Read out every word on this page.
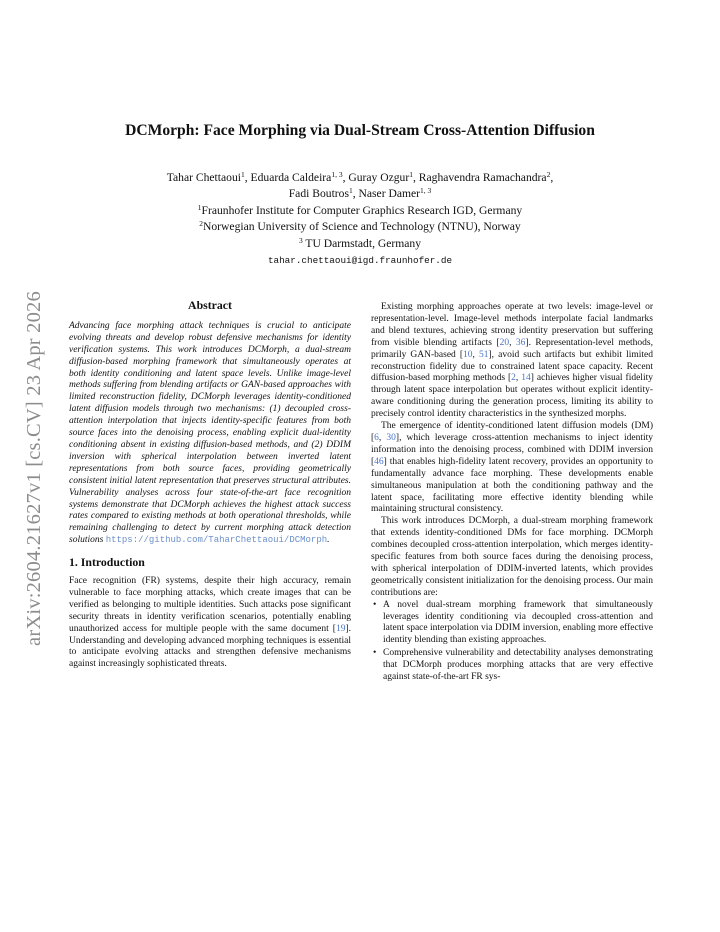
arXiv:2604.21627v1 [cs.CV] 23 Apr 2026
DCMorph: Face Morphing via Dual-Stream Cross-Attention Diffusion
Tahar Chettaoui$^1$, Eduarda Caldeira$^{1, 3}$, Guray Ozgur$^1$, Raghavendra Ramachandra$^2$,
Fadi Boutros$^1$, Naser Damer$^{1, 3}$
$^1$Fraunhofer Institute for Computer Graphics Research IGD, Germany
$^2$Norwegian University of Science and Technology (NTNU), Norway
$^3$ TU Darmstadt, Germany
tahar.chettaoui@igd.fraunhofer.de
Abstract

Advancing face morphing attack techniques is crucial to anticipate evolving threats and develop robust defensive mechanisms for identity verification systems. This work introduces DCMorph, a dual-stream diffusion-based morphing framework that simultaneously operates at both identity conditioning and latent space levels. Unlike image-level methods suffering from blending artifacts or GAN-based approaches with limited reconstruction fidelity, DCMorph leverages identity-conditioned latent diffusion models through two mechanisms: (1) decoupled cross-attention interpolation that injects identity-specific features from both source faces into the denoising process, enabling explicit dual-identity conditioning absent in existing diffusion-based methods, and (2) DDIM inversion with spherical interpolation between inverted latent representations from both source faces, providing geometrically consistent initial latent representation that preserves structural attributes. Vulnerability analyses across four state-of-the-art face recognition systems demonstrate that DCMorph achieves the highest attack success rates compared to existing methods at both operational thresholds, while remaining challenging to detect by current morphing attack detection solutions https://github.com/TaharChettaoui/DCMorph.

1. Introduction

Face recognition (FR) systems, despite their high accuracy, remain vulnerable to face morphing attacks, which create images that can be verified as belonging to multiple identities. Such attacks pose significant security threats in identity verification scenarios, potentially enabling unauthorized access for multiple people with the same document [19]. Understanding and developing advanced morphing techniques is essential to anticipate evolving attacks and strengthen defensive mechanisms against increasingly sophisticated threats.

Existing morphing approaches operate at two levels: image-level or representation-level. Image-level methods interpolate facial landmarks and blend textures, achieving strong identity preservation but suffering from visible blending artifacts [20, 36]. Representation-level methods, primarily GAN-based [10, 51], avoid such artifacts but exhibit limited reconstruction fidelity due to constrained latent space capacity. Recent diffusion-based morphing methods [2, 14] achieves higher visual fidelity through latent space interpolation but operates without explicit identity-aware conditioning during the generation process, limiting its ability to precisely control identity characteristics in the synthesized morphs.

The emergence of identity-conditioned latent diffusion models (DM) [6, 30], which leverage cross-attention mechanisms to inject identity information into the denoising process, combined with DDIM inversion [46] that enables high-fidelity latent recovery, provides an opportunity to fundamentally advance face morphing. These developments enable simultaneous manipulation at both the conditioning pathway and the latent space, facilitating more effective identity blending while maintaining structural consistency.

This work introduces DCMorph, a dual-stream morphing framework that extends identity-conditioned DMs for face morphing. DCMorph combines decoupled cross-attention interpolation, which merges identity-specific features from both source faces during the denoising process, with spherical interpolation of DDIM-inverted latents, which provides geometrically consistent initialization for the denoising process. Our main contributions are:

• A novel dual-stream morphing framework that simultaneously leverages identity conditioning via decoupled cross-attention and latent space interpolation via DDIM inversion, enabling more effective identity blending than existing approaches.
• Comprehensive vulnerability and detectability analyses demonstrating that DCMorph produces morphing attacks that are very effective against state-of-the-art FR sys-
